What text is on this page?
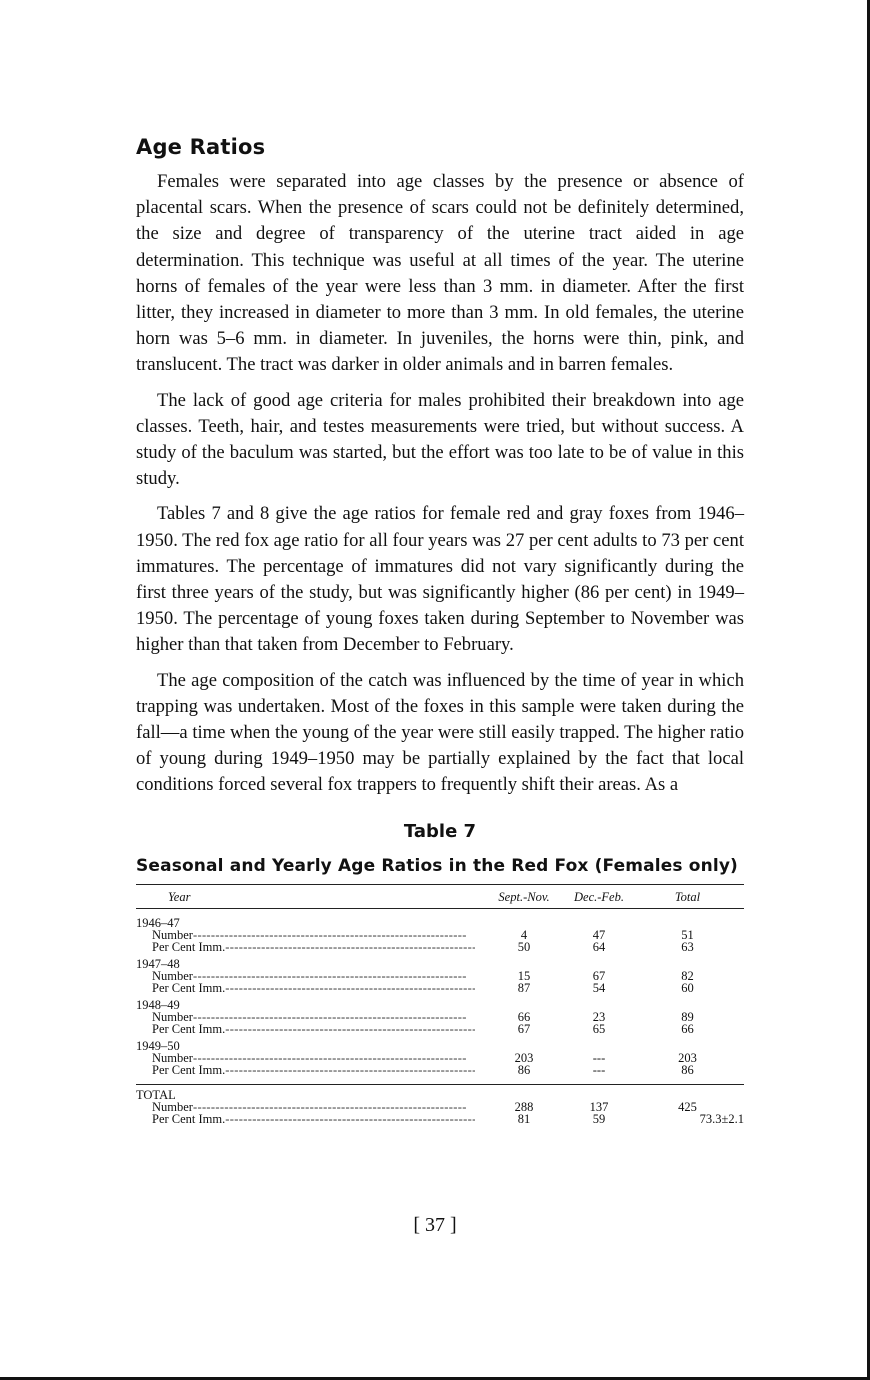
Age Ratios

Females were separated into age classes by the presence or absence of placental scars. When the presence of scars could not be definitely determined, the size and degree of transparency of the uterine tract aided in age determination. This technique was useful at all times of the year. The uterine horns of females of the year were less than 3 mm. in diameter. After the first litter, they increased in diameter to more than 3 mm. In old females, the uterine horn was 5–6 mm. in diameter. In juveniles, the horns were thin, pink, and translucent. The tract was darker in older animals and in barren females.

The lack of good age criteria for males prohibited their breakdown into age classes. Teeth, hair, and testes measurements were tried, but without success. A study of the baculum was started, but the effort was too late to be of value in this study.

Tables 7 and 8 give the age ratios for female red and gray foxes from 1946–1950. The red fox age ratio for all four years was 27 per cent adults to 73 per cent immatures. The percentage of immatures did not vary significantly during the first three years of the study, but was significantly higher (86 per cent) in 1949–1950. The percentage of young foxes taken during September to November was higher than that taken from December to February.

The age composition of the catch was influenced by the time of year in which trapping was undertaken. Most of the foxes in this sample were taken during the fall—a time when the young of the year were still easily trapped. The higher ratio of young during 1949–1950 may be partially explained by the fact that local conditions forced several fox trappers to frequently shift their areas. As a

Table 7
Seasonal and Yearly Age Ratios in the Red Fox (Females only)
Year	Sept.-Nov.	Dec.-Feb.	Total
1946–47
Number - - -	4	47	51
Per Cent Imm. - - -	50	64	63
1947–48
Number - - -	15	67	82
Per Cent Imm. - - -	87	54	60
1948–49
Number - - -	66	23	89
Per Cent Imm. - - -	67	65	66
1949–50
Number - - -	203	---	203
Per Cent Imm. - - -	86	---	86
TOTAL
Number - - -	288	137	425
Per Cent Imm. - - -	81	59	73.3±2.1
[ 37 ]
